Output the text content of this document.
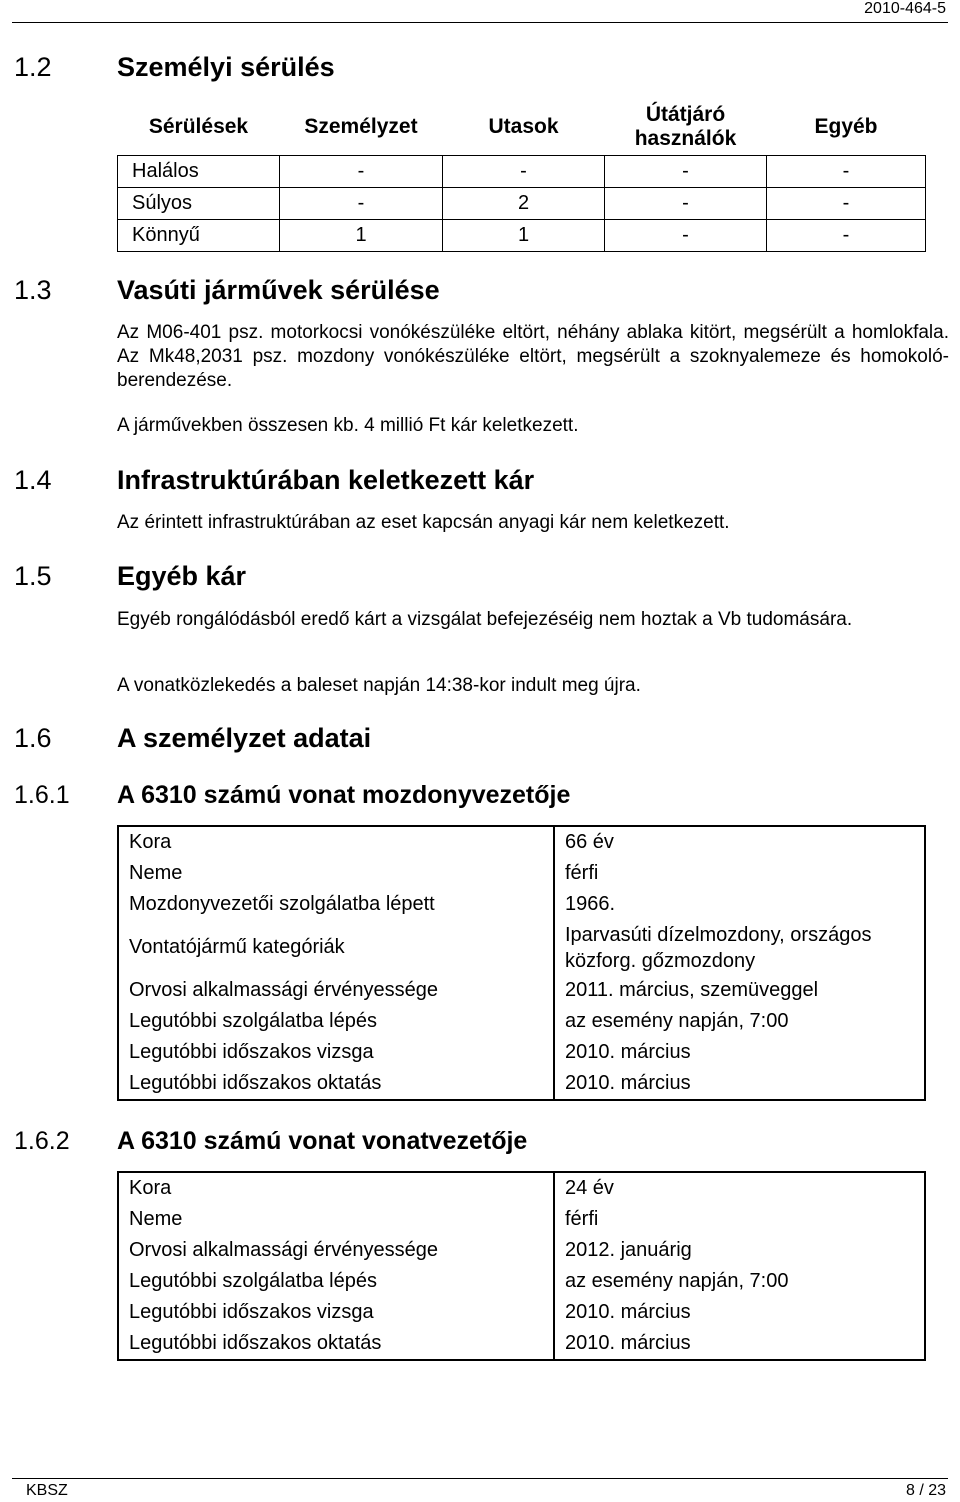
2010-464-5
1.2 Személyi sérülés
Sérülések	Személyzet	Utasok	Útátjáró használók	Egyéb
Halálos	-	-	-	-
Súlyos	-	2	-	-
Könnyű	1	1	-	-
1.3 Vasúti járművek sérülése

Az M06-401 psz. motorkocsi vonókészüléke eltört, néhány ablaka kitört, megsérült a homlokfala. Az Mk48,2031 psz. mozdony vonókészüléke eltört, megsérült a szoknyalemeze és homokoló-berendezése.

A járművekben összesen kb. 4 millió Ft kár keletkezett.

1.4 Infrastruktúrában keletkezett kár

Az érintett infrastruktúrában az eset kapcsán anyagi kár nem keletkezett.

1.5 Egyéb kár

Egyéb rongálódásból eredő kárt a vizsgálat befejezéséig nem hoztak a Vb tudomására.

A vonatközlekedés a baleset napján 14:38-kor indult meg újra.

1.6 A személyzet adatai
1.6.1 A 6310 számú vonat mozdonyvezetője
Kora	66 év
Neme	férfi
Mozdonyvezetői szolgálatba lépett	1966.
Vontatójármű kategóriák	Iparvasúti dízelmozdony, országos közforg. gőzmozdony
Orvosi alkalmassági érvényessége	2011. március, szemüveggel
Legutóbbi szolgálatba lépés	az esemény napján, 7:00
Legutóbbi időszakos vizsga	2010. március
Legutóbbi időszakos oktatás	2010. március
1.6.2 A 6310 számú vonat vonatvezetője
Kora	24 év
Neme	férfi
Orvosi alkalmassági érvényessége	2012. januárig
Legutóbbi szolgálatba lépés	az esemény napján, 7:00
Legutóbbi időszakos vizsga	2010. március
Legutóbbi időszakos oktatás	2010. március
KBSZ	8 / 23
